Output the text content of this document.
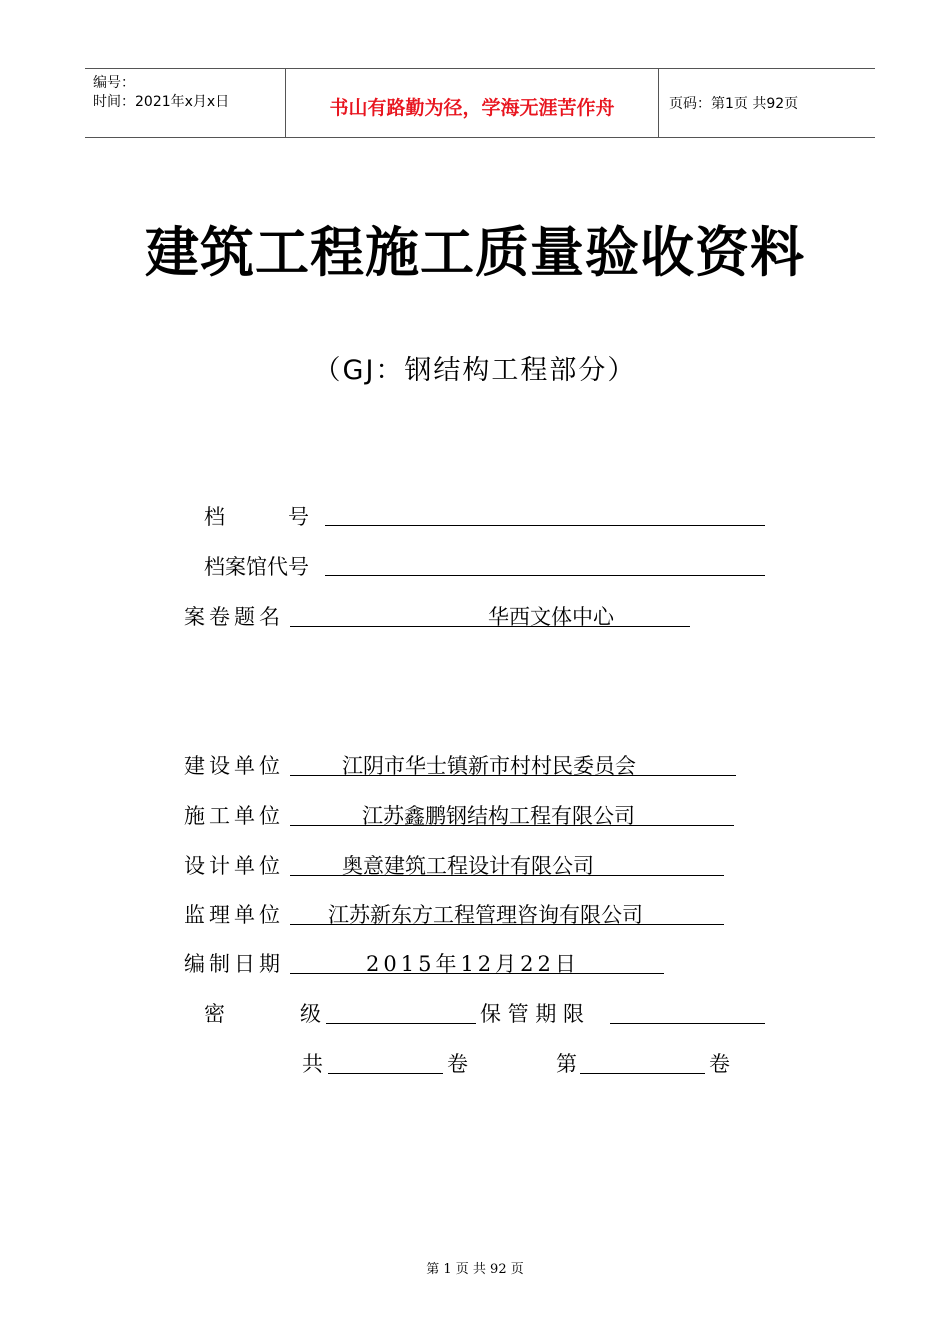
编号：
时间：2021年x月x日	书山有路勤为径，学海无涯苦作舟	页码：第1页 共92页
建筑工程施工质量验收资料
（GJ：钢结构工程部分）
档　　　号
档案馆代号
案卷题名	华西文体中心
建设单位	江阴市华士镇新市村村民委员会
施工单位	江苏鑫鹏钢结构工程有限公司
设计单位	奥意建筑工程设计有限公司
监理单位 江苏新东方工程管理咨询有限公司
编制日期	2015年12月22日
密	级	保 管 期 限
共	卷	第	卷
第 1 页 共 92 页
